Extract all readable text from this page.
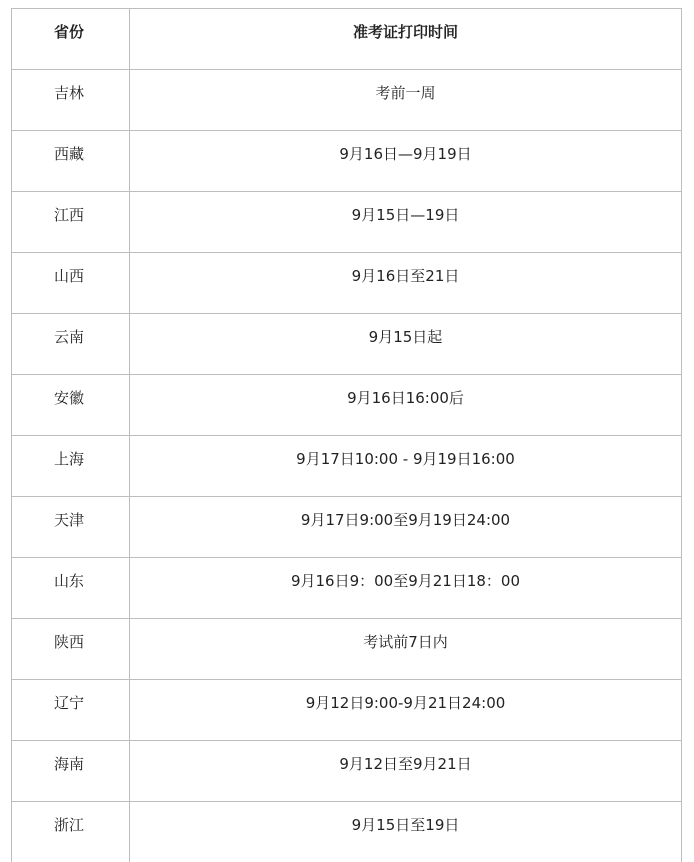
省份	准考证打印时间

吉林	考前一周

西藏	9月16日—9月19日

江西	9月15日—19日

山西	9月16日至21日

云南	9月15日起

安徽	9月16日16:00后

上海	9月17日10:00 - 9月19日16:00

天津	9月17日9:00至9月19日24:00

山东	9月16日9：00至9月21日18：00

陕西	考试前7日内

辽宁	9月12日9:00-9月21日24:00

海南	9月12日至9月21日

浙江	9月15日至19日
